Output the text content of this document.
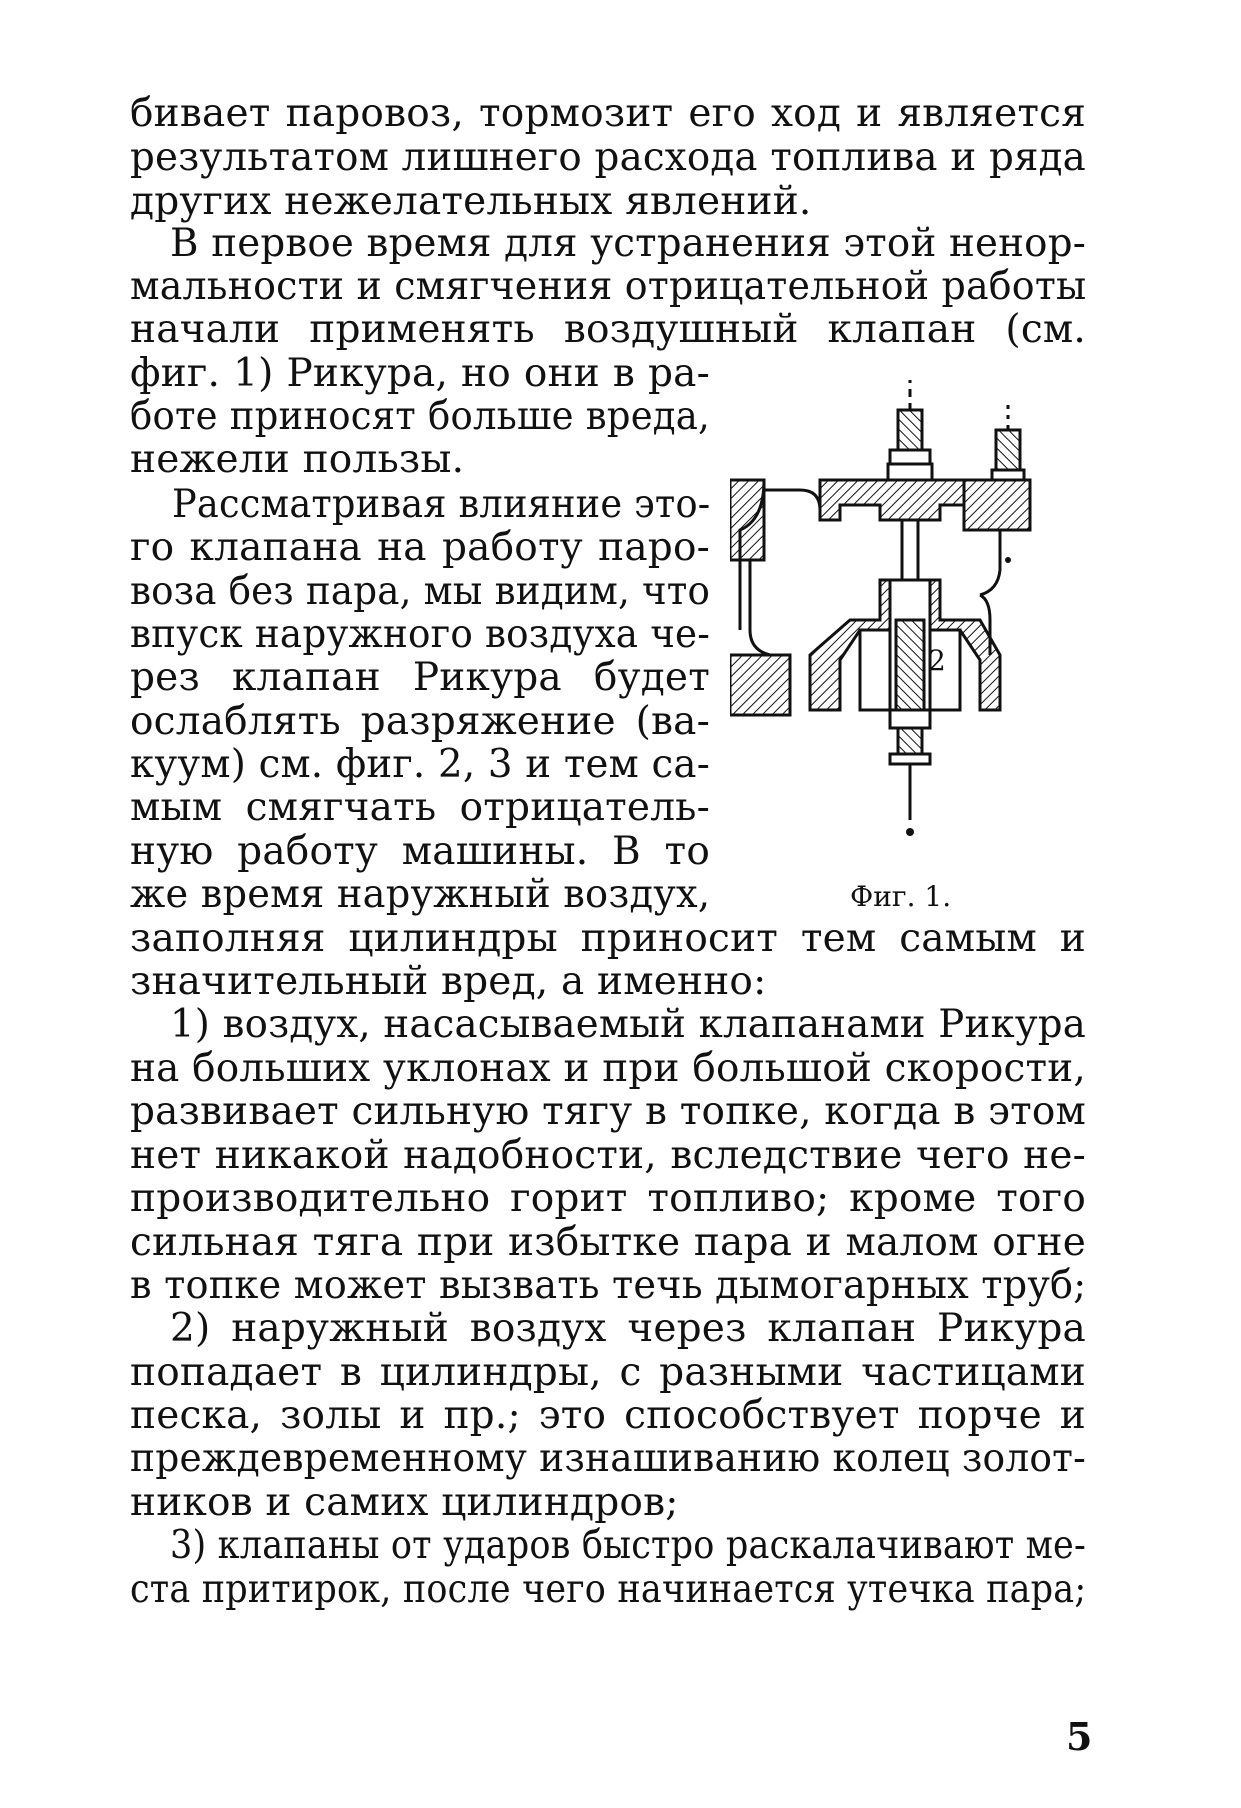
бивает паровоз, тормозит его ход и является
результатом лишнего расхода топлива и ряда
других нежелательных явлений.
В первое время для устранения этой ненор-
мальности и смягчения отрицательной работы
начали применять воздушный клапан (см.
фиг. 1) Рикура, но они в ра-
боте приносят больше вреда,
нежели пользы.
Рассматривая влияние это-
го клапана на работу паро-
воза без пара, мы видим, что
впуск наружного воздуха че-
рез клапан Рикура будет
ослаблять разряжение (ва-
куум) см. фиг. 2, 3 и тем са-
мым смягчать отрицатель-
ную работу машины. В то
же время наружный воздух,
заполняя цилиндры приносит тем самым и
значительный вред, а именно:
1) воздух, насасываемый клапанами Рикура
на больших уклонах и при большой скорости,
развивает сильную тягу в топке, когда в этом
нет никакой надобности, вследствие чего не-
производительно горит топливо; кроме того
сильная тяга при избытке пара и малом огне
в топке может вызвать течь дымогарных труб;
2) наружный воздух через клапан Рикура
попадает в цилиндры, с разными частицами
песка, золы и пр.; это способствует порче и
преждевременному изнашиванию колец золот-
ников и самих цилиндров;
3) клапаны от ударов быстро раскалачивают ме-
ста притирок, после чего начинается утечка пара;
2
Фиг. 1.
5
